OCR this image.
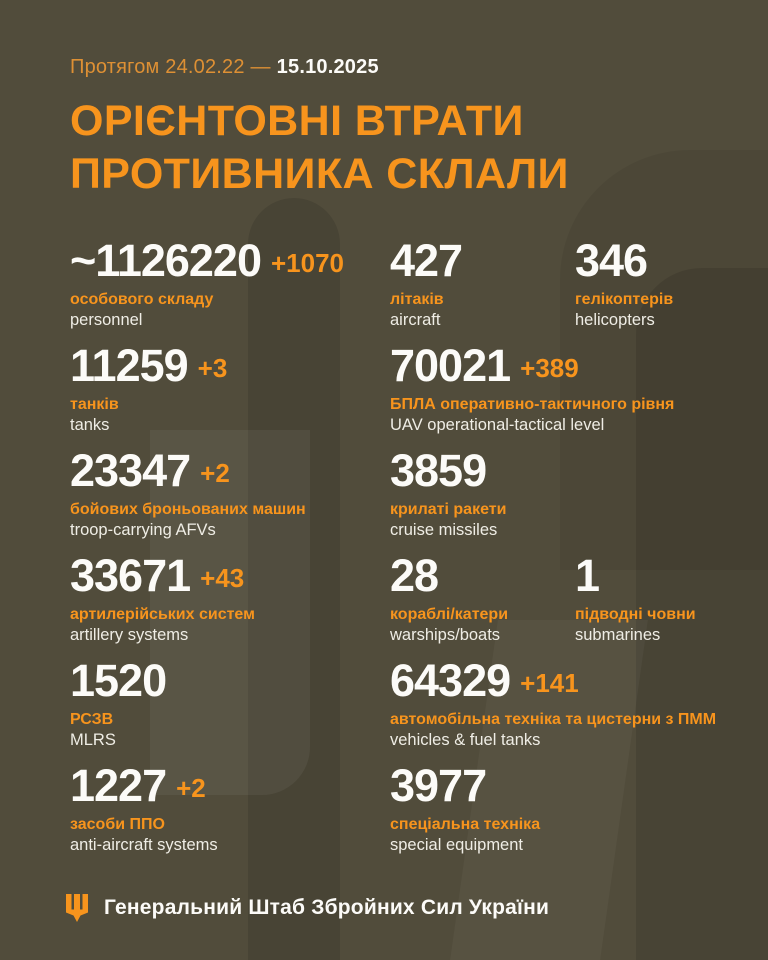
Протягом 24.02.22 — 15.10.2025
ОРІЄНТОВНІ ВТРАТИ
ПРОТИВНИКА СКЛАЛИ
~1126220 +1070
особового складу
personnel
11259 +3
танків
tanks
23347 +2
бойових броньованих машин
troop-carrying AFVs
33671 +43
артилерійських систем
artillery systems
1520
РСЗВ
MLRS
1227 +2
засоби ППО
anti-aircraft systems
427
літаків
aircraft
346
гелікоптерів
helicopters
70021 +389
БПЛА оперативно-тактичного рівня
UAV operational-tactical level
3859
крилаті ракети
cruise missiles
28
кораблі/катери
warships/boats
1
підводні човни
submarines
64329 +141
автомобільна техніка та цистерни з ПММ
vehicles & fuel tanks
3977
спеціальна техніка
special equipment
Генеральний Штаб Збройних Сил України
